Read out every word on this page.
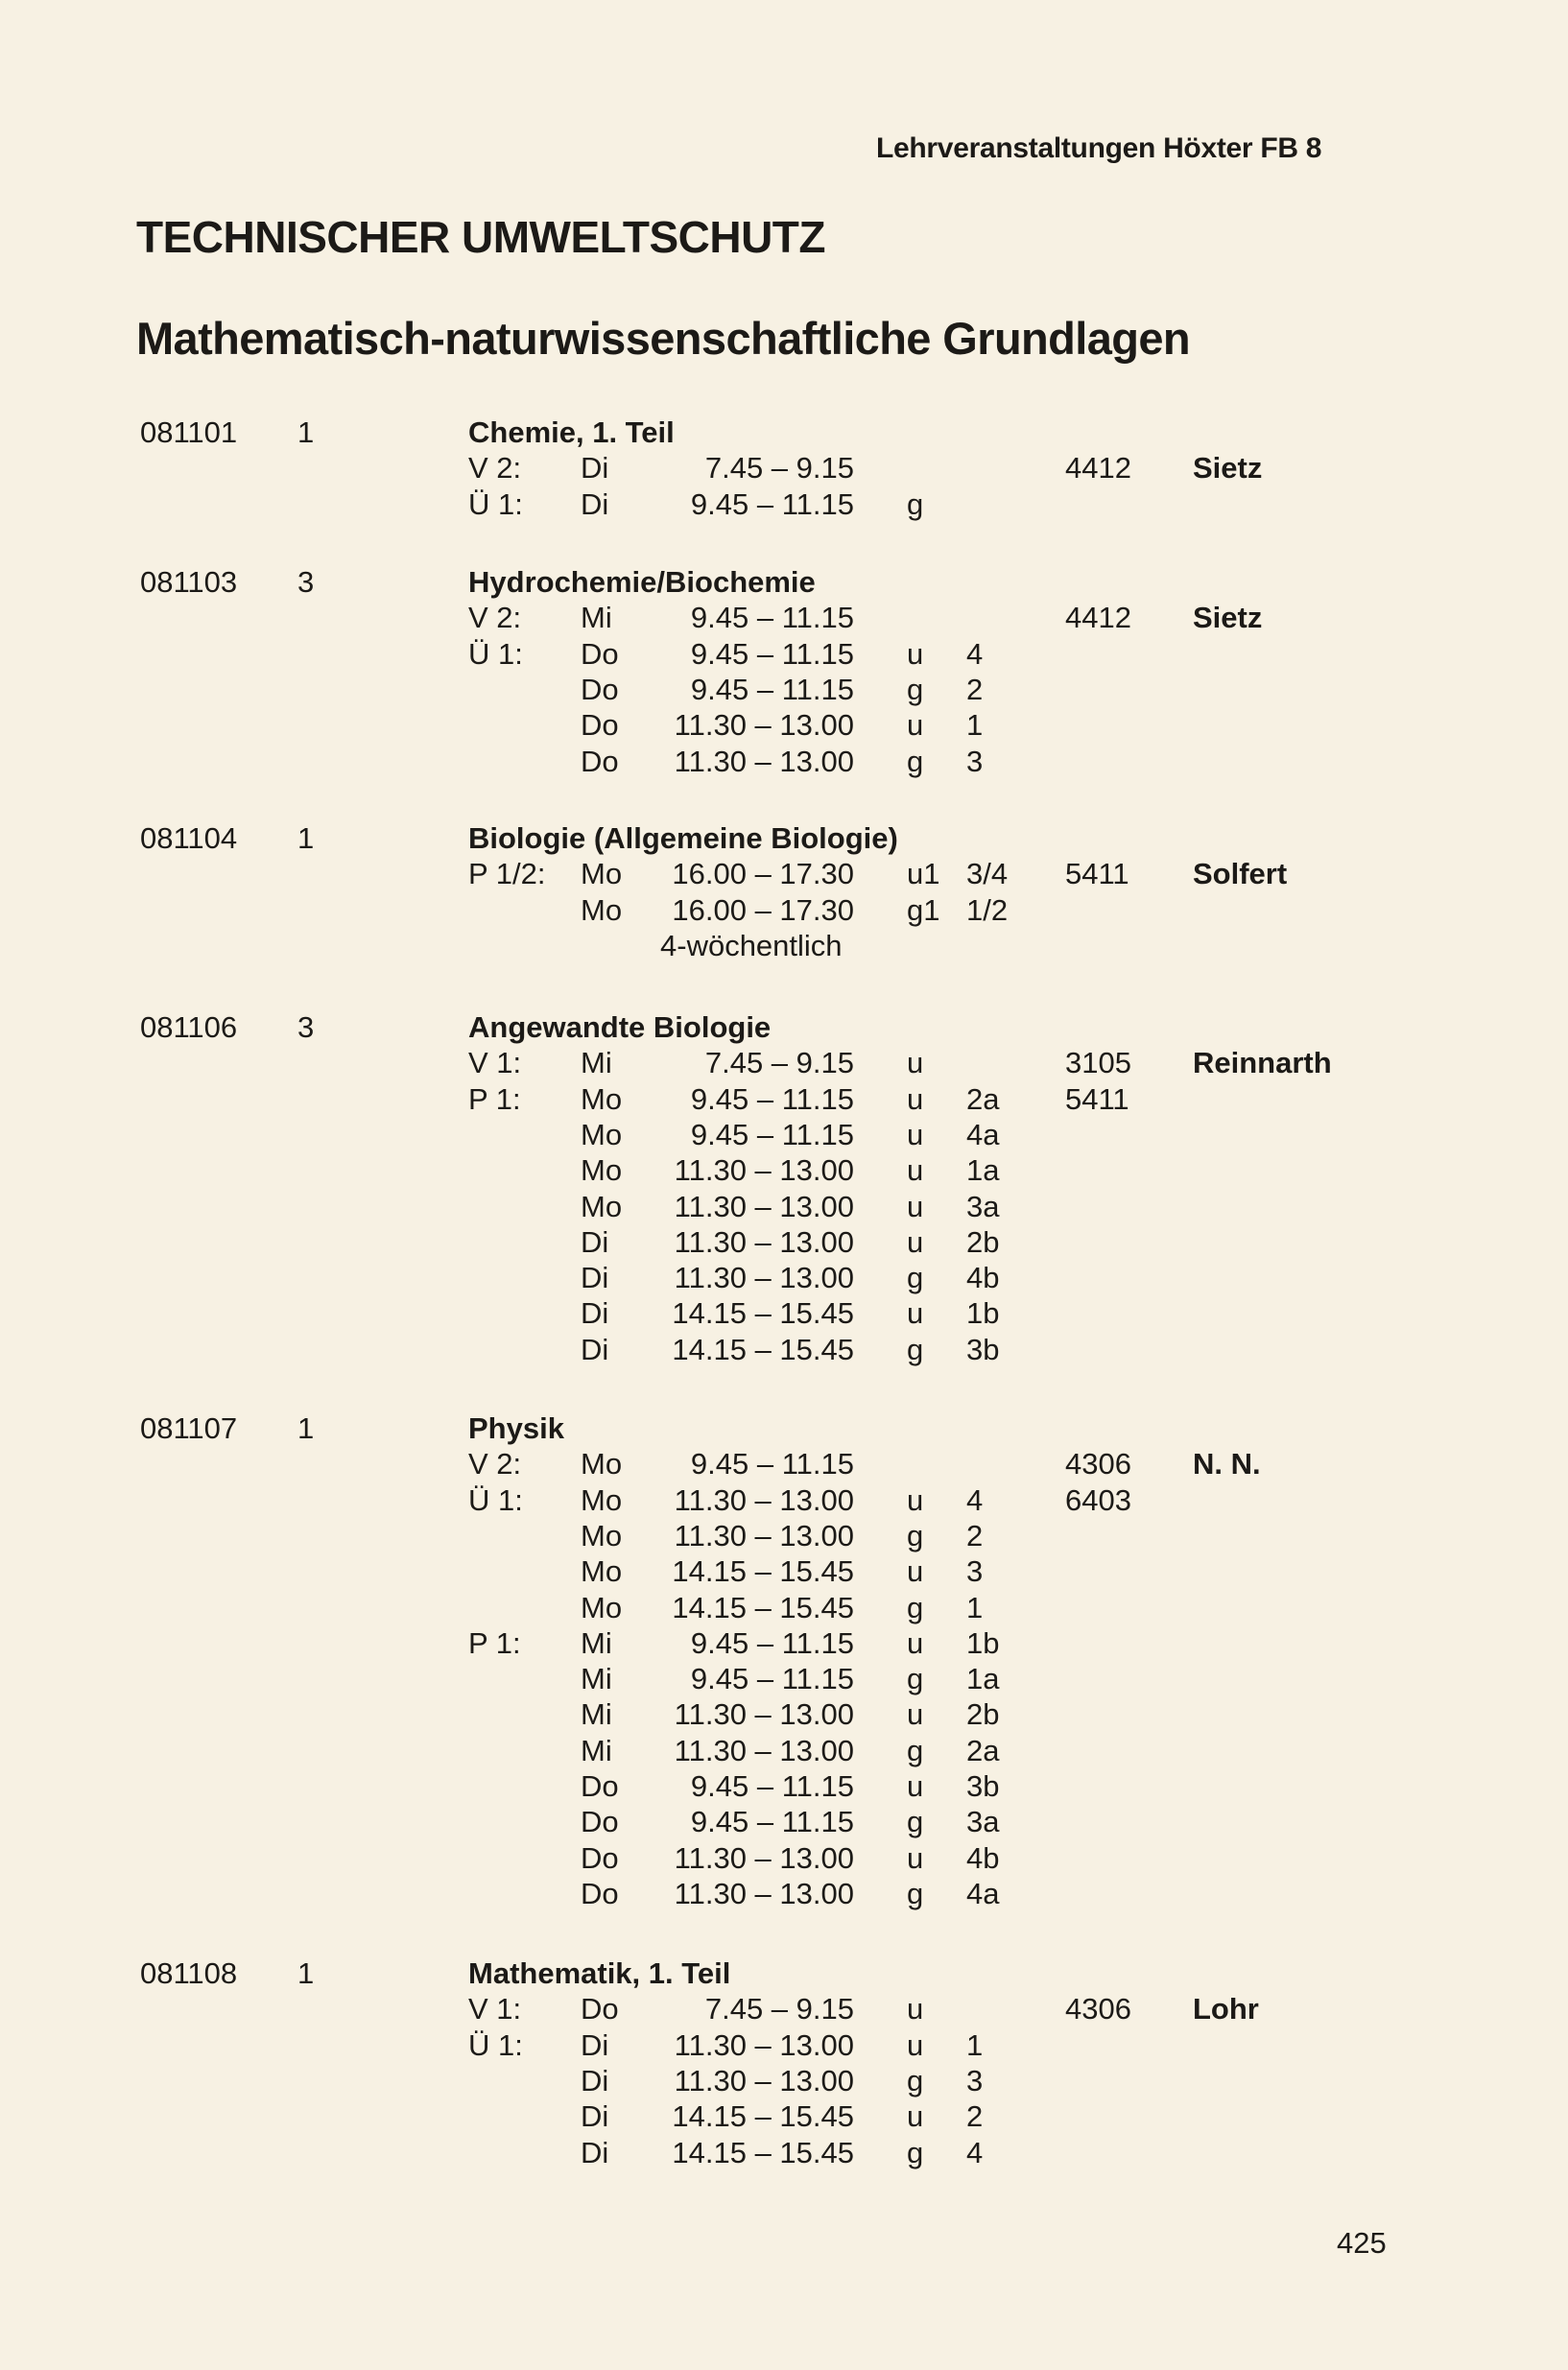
Lehrveranstaltungen Höxter FB 8
TECHNISCHER UMWELTSCHUTZ
Mathematisch-naturwissenschaftliche Grundlagen
081101 1	Chemie, 1. Teil
V 2: Di	7.45 – 9.15	4412 Sietz
Ü 1: Di	9.45 – 11.15 g
081103 3	Hydrochemie/Biochemie
V 2: Mi	9.45 – 11.15	4412 Sietz
Ü 1: Do	9.45 – 11.15 u 4
Do	9.45 – 11.15 g 2
Do	11.30 – 13.00 u 1
Do	11.30 – 13.00 g 3
081104 1	Biologie (Allgemeine Biologie)
P 1/2: Mo	16.00 – 17.30 u1 3/4 5411 Solfert
Mo	16.00 – 17.30 g1 1/2
4-wöchentlich
081106 3	Angewandte Biologie
V 1: Mi	7.45 – 9.15 u	3105 Reinnarth
P 1: Mo	9.45 – 11.15 u 2a 5411
Mo	9.45 – 11.15 u 4a
Mo	11.30 – 13.00 u 1a
Mo	11.30 – 13.00 u 3a
Di	11.30 – 13.00 u 2b
Di	11.30 – 13.00 g 4b
Di	14.15 – 15.45 u 1b
Di	14.15 – 15.45 g 3b
081107 1	Physik
V 2: Mo	9.45 – 11.15	4306 N. N.
Ü 1: Mo	11.30 – 13.00 u 4	6403
Mo	11.30 – 13.00 g 2
Mo	14.15 – 15.45 u 3
Mo	14.15 – 15.45 g 1
P 1: Mi	9.45 – 11.15 u 1b
Mi	9.45 – 11.15 g 1a
Mi	11.30 – 13.00 u 2b
Mi	11.30 – 13.00 g 2a
Do	9.45 – 11.15 u 3b
Do	9.45 – 11.15 g 3a
Do	11.30 – 13.00 u 4b
Do	11.30 – 13.00 g 4a
081108 1	Mathematik, 1. Teil
V 1: Do	7.45 – 9.15 u	4306 Lohr
Ü 1: Di	11.30 – 13.00 u 1
Di	11.30 – 13.00 g 3
Di	14.15 – 15.45 u 2
Di	14.15 – 15.45 g 4
425
